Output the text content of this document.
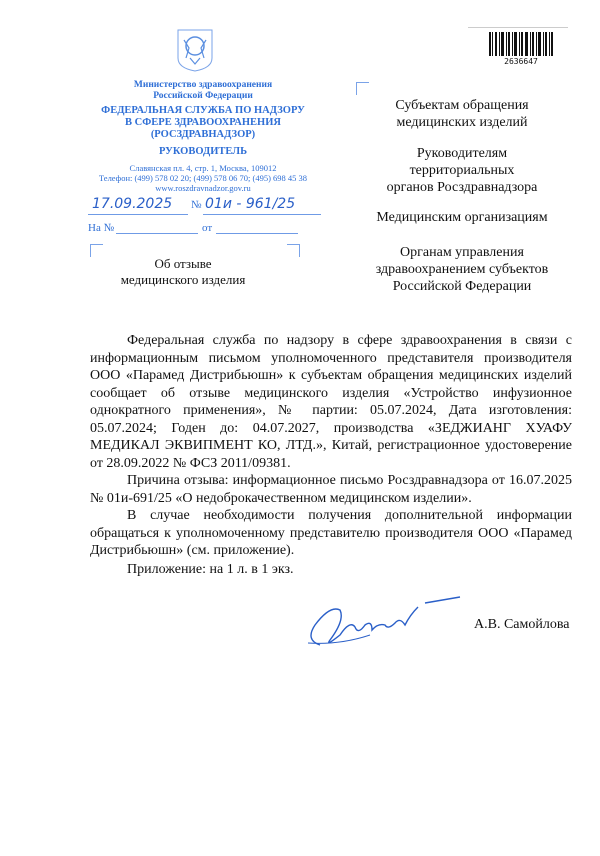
Министерство здравоохранения
Российской Федерации
ФЕДЕРАЛЬНАЯ СЛУЖБА ПО НАДЗОРУ
В СФЕРЕ ЗДРАВООХРАНЕНИЯ
(РОСЗДРАВНАДЗОР)
РУКОВОДИТЕЛЬ
Славянская пл. 4, стр. 1, Москва, 109012
Телефон: (499) 578 02 20; (499) 578 06 70; (495) 698 45 38
www.roszdravnadzor.gov.ru
17.09.2025 № 01и - 961/25
На №	от
Об отзыве
медицинского изделия
2636647
Субъектам обращения
медицинских изделий
Руководителям
территориальных
органов Росздравнадзора
Медицинским организациям
Органам управления
здравоохранением субъектов
Российской Федерации

Федеральная служба по надзору в сфере здравоохранения в связи с информационным письмом уполномоченного представителя производителя ООО «Парамед Дистрибьюшн» к субъектам обращения медицинских изделий сообщает об отзыве медицинского изделия «Устройство инфузионное однократного применения», № партии: 05.07.2024, Дата изготовления: 05.07.2024; Годен до: 04.07.2027, производства «ЗЕДЖИАНГ ХУАФУ МЕДИКАЛ ЭКВИПМЕНТ КО, ЛТД.», Китай, регистрационное удостоверение от 28.09.2022 № ФСЗ 2011/09381.

Причина отзыва: информационное письмо Росздравнадзора от 16.07.2025 № 01и-691/25 «О недоброкачественном медицинском изделии».

В случае необходимости получения дополнительной информации обращаться к уполномоченному представителю производителя ООО «Парамед Дистрибьюшн» (см. приложение).

Приложение: на 1 л. в 1 экз.
А.В. Самойлова
